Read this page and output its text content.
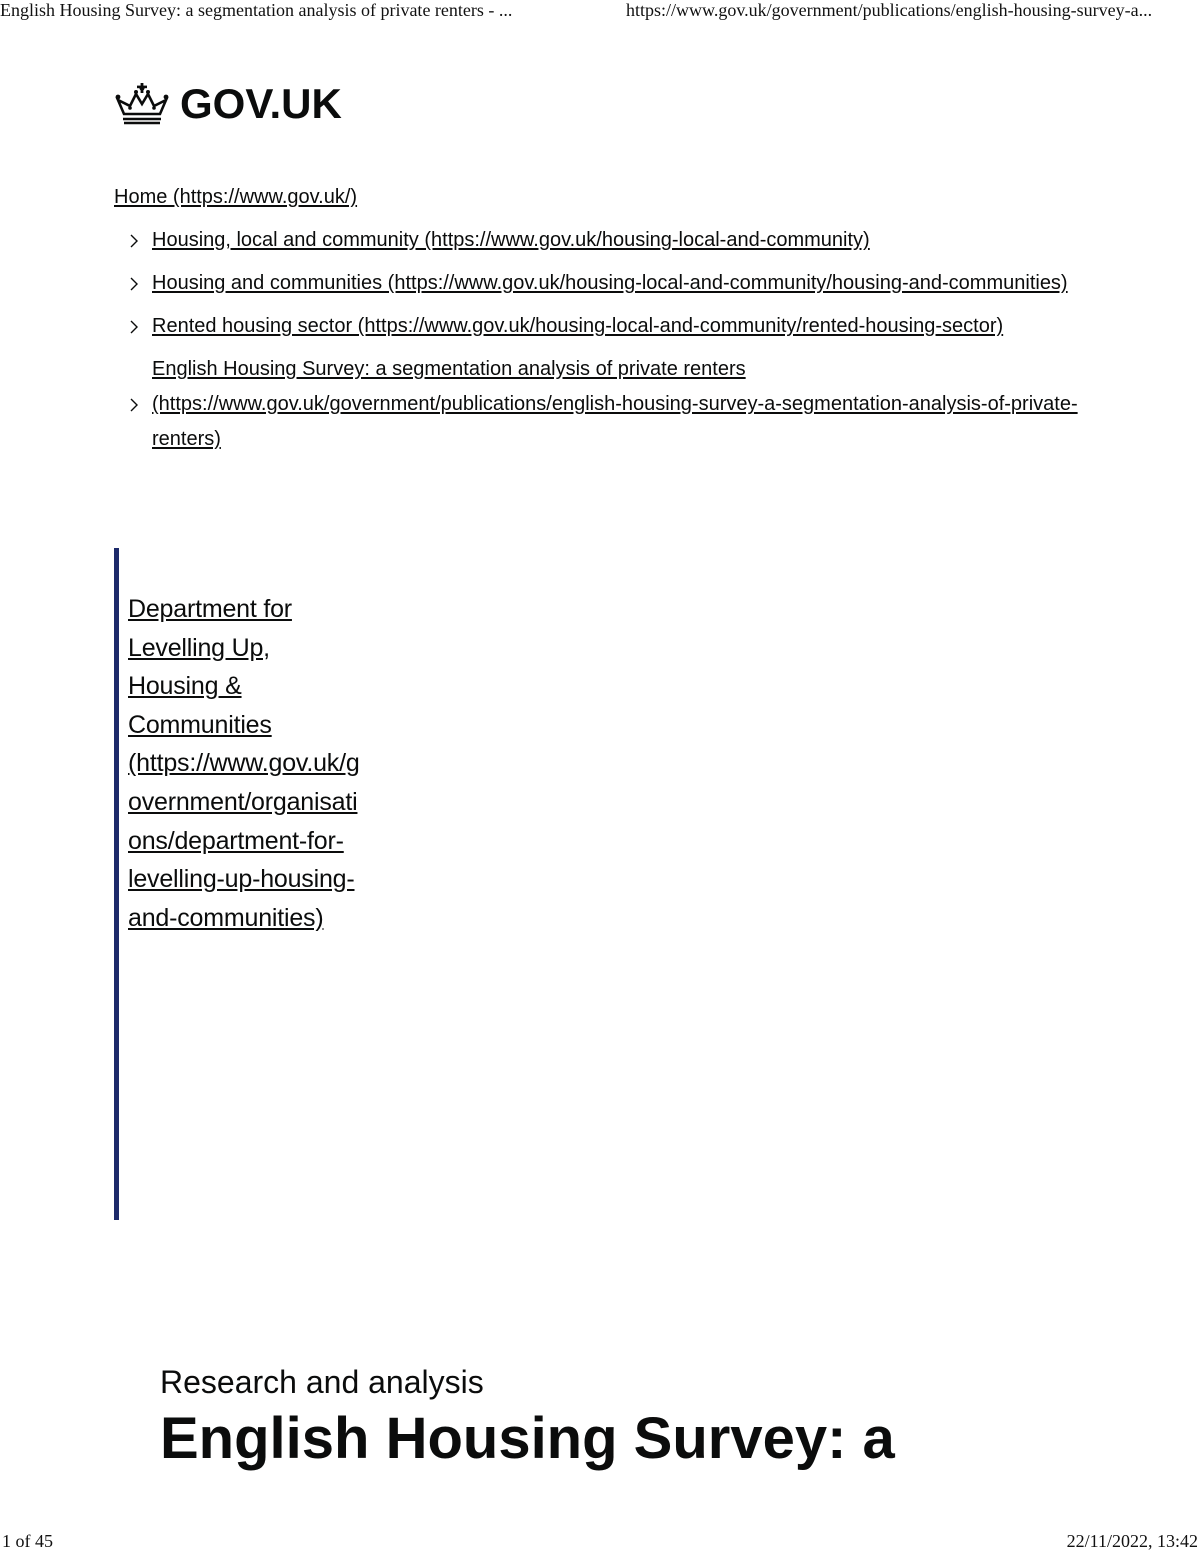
English Housing Survey: a segmentation analysis of private renters - ...	https://www.gov.uk/government/publications/english-housing-survey-a...
GOV.UK
Home (https://www.gov.uk/)
Housing, local and community (https://www.gov.uk/housing-local-and-community)
Housing and communities (https://www.gov.uk/housing-local-and-community/housing-and-communities)
Rented housing sector (https://www.gov.uk/housing-local-and-community/rented-housing-sector)
English Housing Survey: a segmentation analysis of private renters (https://www.gov.uk/government/publications/english-housing-survey-a-segmentation-analysis-of-private-renters)
Department for Levelling Up, Housing & Communities (https://www.gov.uk/government/organisations/department-for-levelling-up-housing-and-communities)
Research and analysis
English Housing Survey: a
1 of 45	22/11/2022, 13:42
